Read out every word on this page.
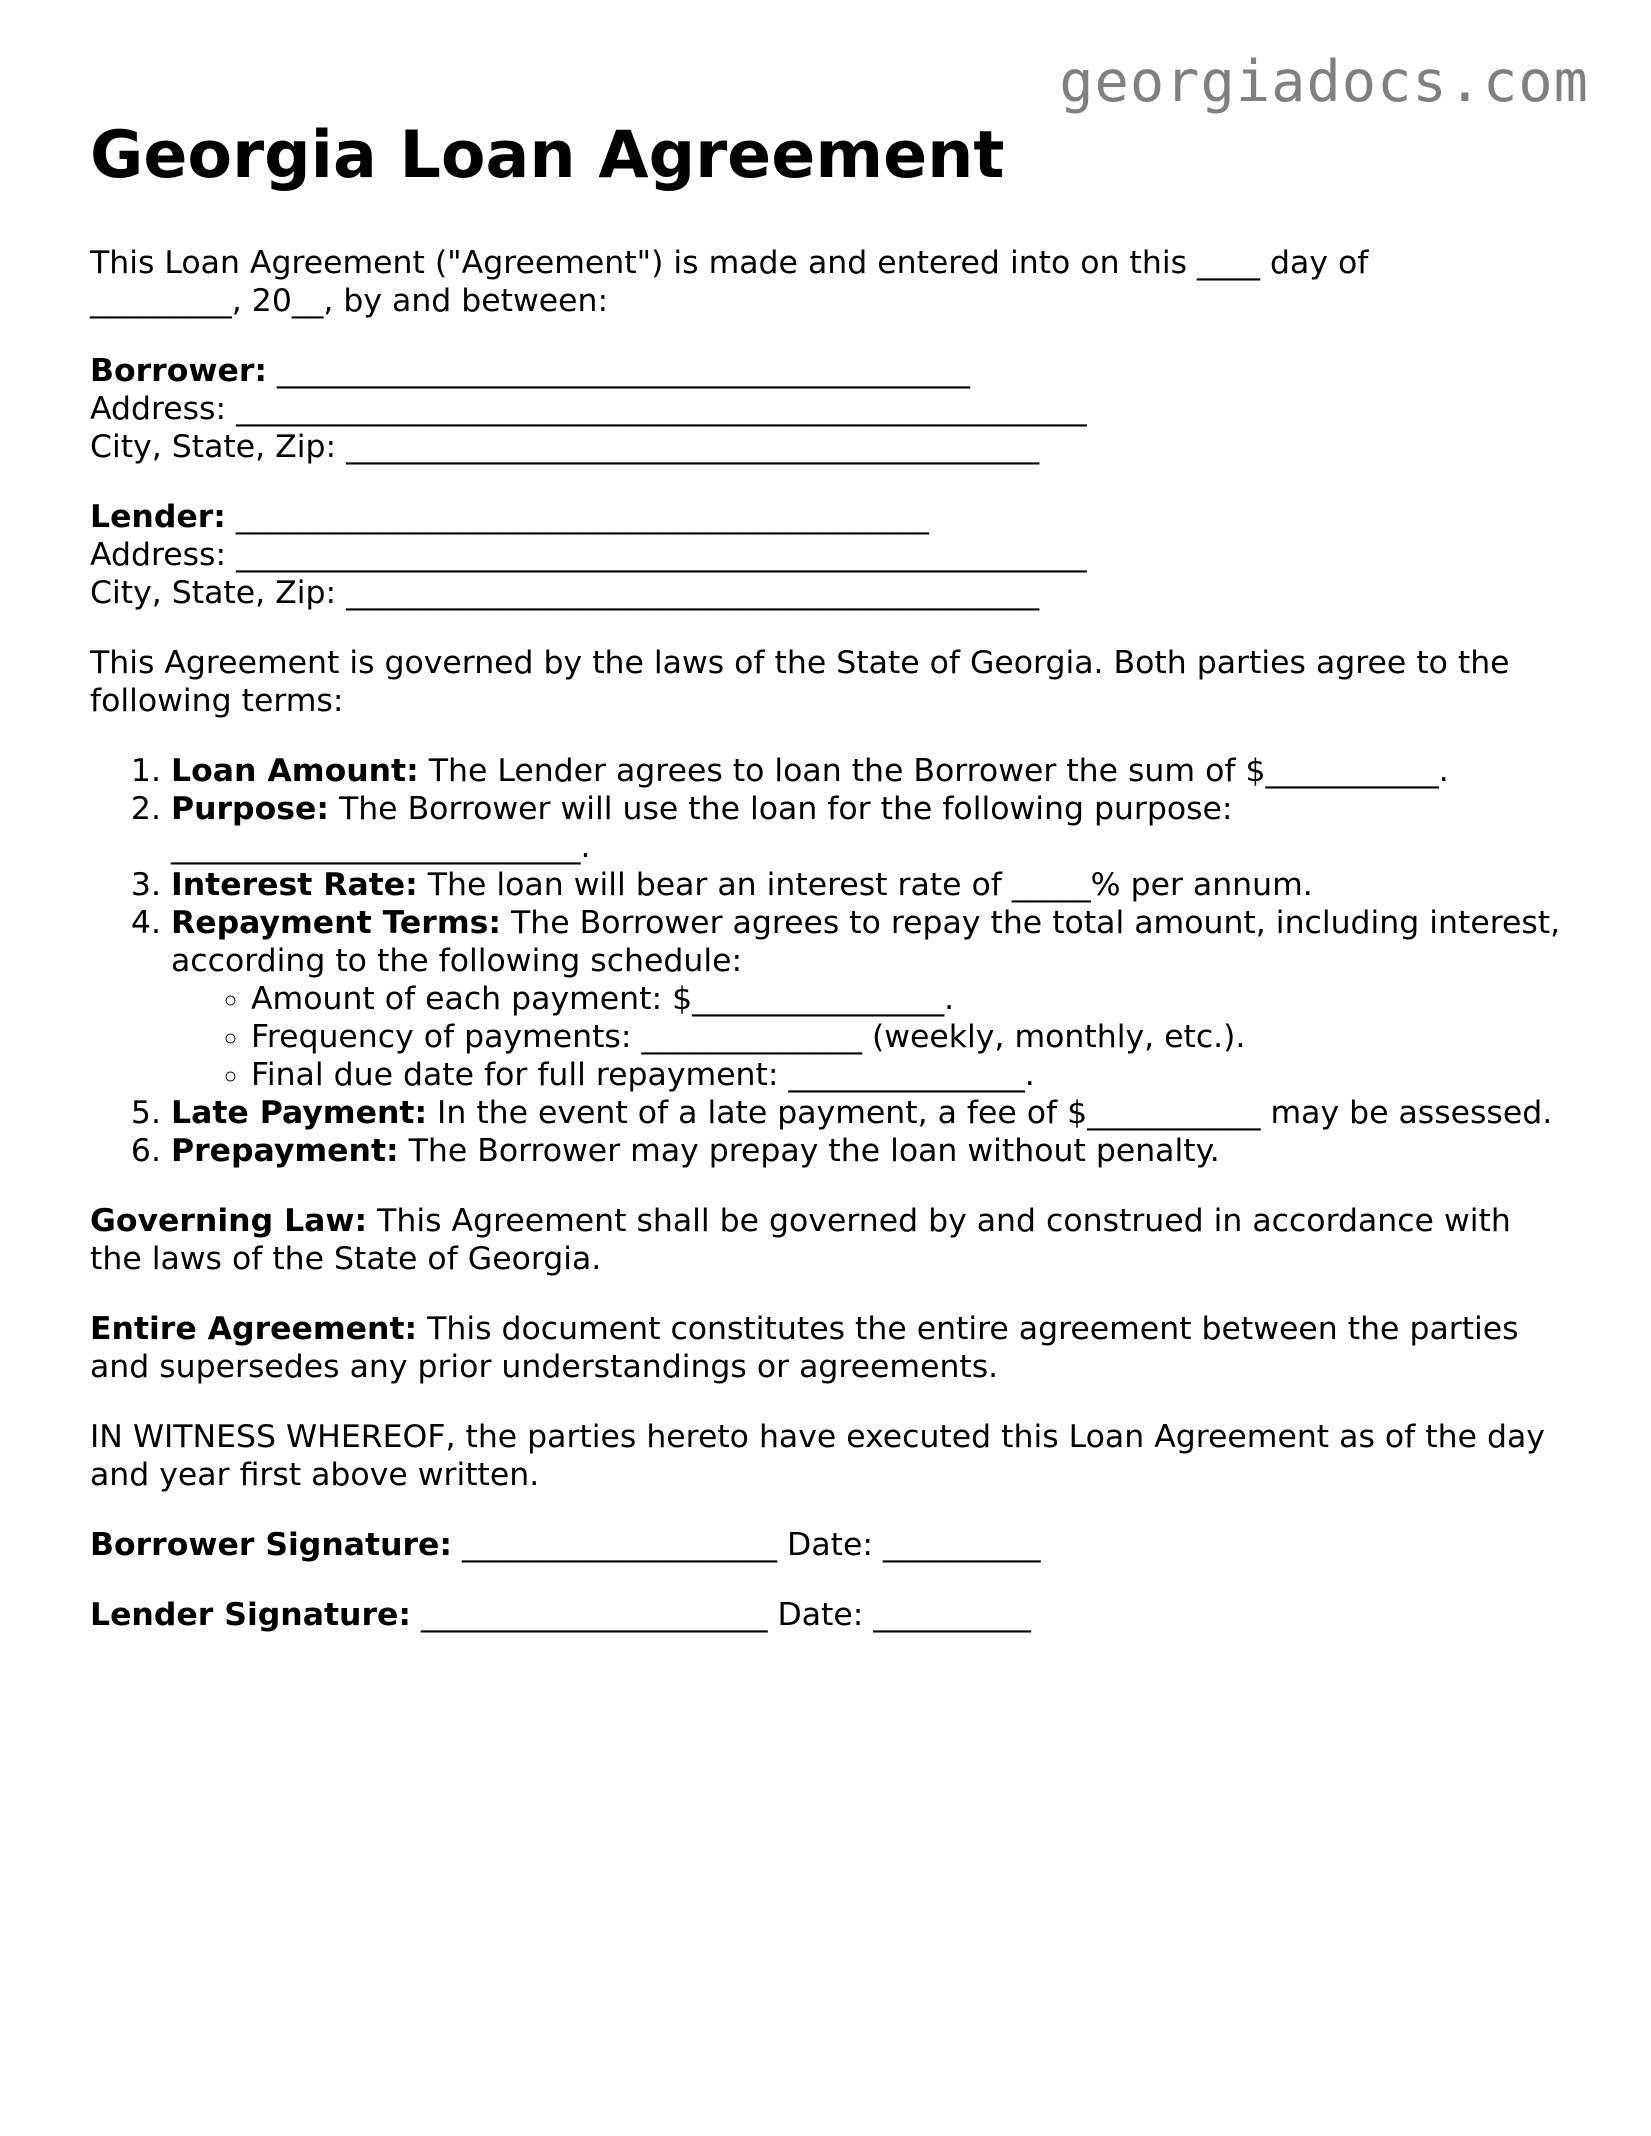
georgiadocs.com
Georgia Loan Agreement
This Loan Agreement ("Agreement") is made and entered into on this ____ day of
_________, 20__, by and between:
Borrower: ____________________________________________
Address: ______________________________________________________
City, State, Zip: ____________________________________________
Lender: ____________________________________________
Address: ______________________________________________________
City, State, Zip: ____________________________________________

This Agreement is governed by the laws of the State of Georgia. Both parties agree to the following terms:

1. Loan Amount: The Lender agrees to loan the Borrower the sum of $___________.
2. Purpose: The Borrower will use the loan for the following purpose: __________________________.
3. Interest Rate: The loan will bear an interest rate of _____% per annum.
4. Repayment Terms: The Borrower agrees to repay the total amount, including interest, according to the following schedule:
◦ Amount of each payment: $________________.
◦ Frequency of payments: ______________ (weekly, monthly, etc.).
◦ Final due date for full repayment: _______________.
5. Late Payment: In the event of a late payment, a fee of $___________ may be assessed.
6. Prepayment: The Borrower may prepay the loan without penalty.

Governing Law: This Agreement shall be governed by and construed in accordance with the laws of the State of Georgia.

Entire Agreement: This document constitutes the entire agreement between the parties and supersedes any prior understandings or agreements.

IN WITNESS WHEREOF, the parties hereto have executed this Loan Agreement as of the day and year first above written.

Borrower Signature: ____________________ Date: __________
Lender Signature: ______________________ Date: __________
